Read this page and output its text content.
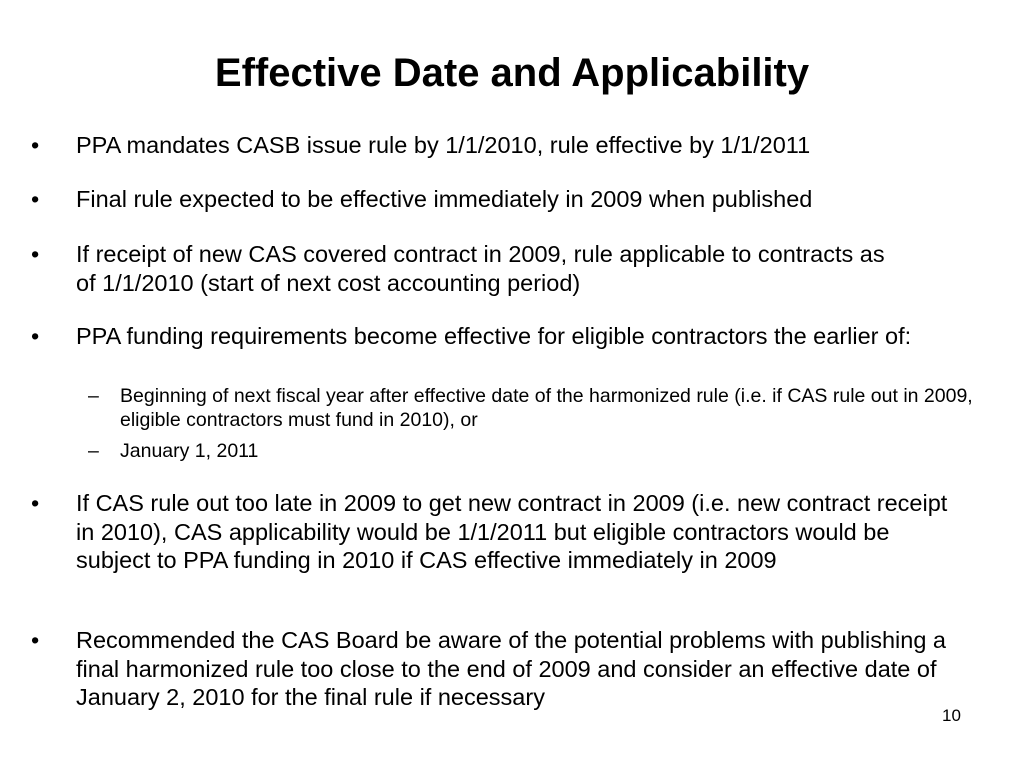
Effective Date and Applicability
• PPA mandates CASB issue rule by 1/1/2010, rule effective by 1/1/2011
• Final rule expected to be effective immediately in 2009 when published
• If receipt of new CAS covered contract in 2009, rule applicable to contracts as of 1/1/2010 (start of next cost accounting period)
• PPA funding requirements become effective for eligible contractors the earlier of:
– Beginning of next fiscal year after effective date of the harmonized rule (i.e. if CAS rule out in 2009, eligible contractors must fund in 2010), or
– January 1, 2011
• If CAS rule out too late in 2009 to get new contract in 2009 (i.e. new contract receipt in 2010), CAS applicability would be 1/1/2011 but eligible contractors would be subject to PPA funding in 2010 if CAS effective immediately in 2009
• Recommended the CAS Board be aware of the potential problems with publishing a final harmonized rule too close to the end of 2009 and consider an effective date of January 2, 2010 for the final rule if necessary
10
